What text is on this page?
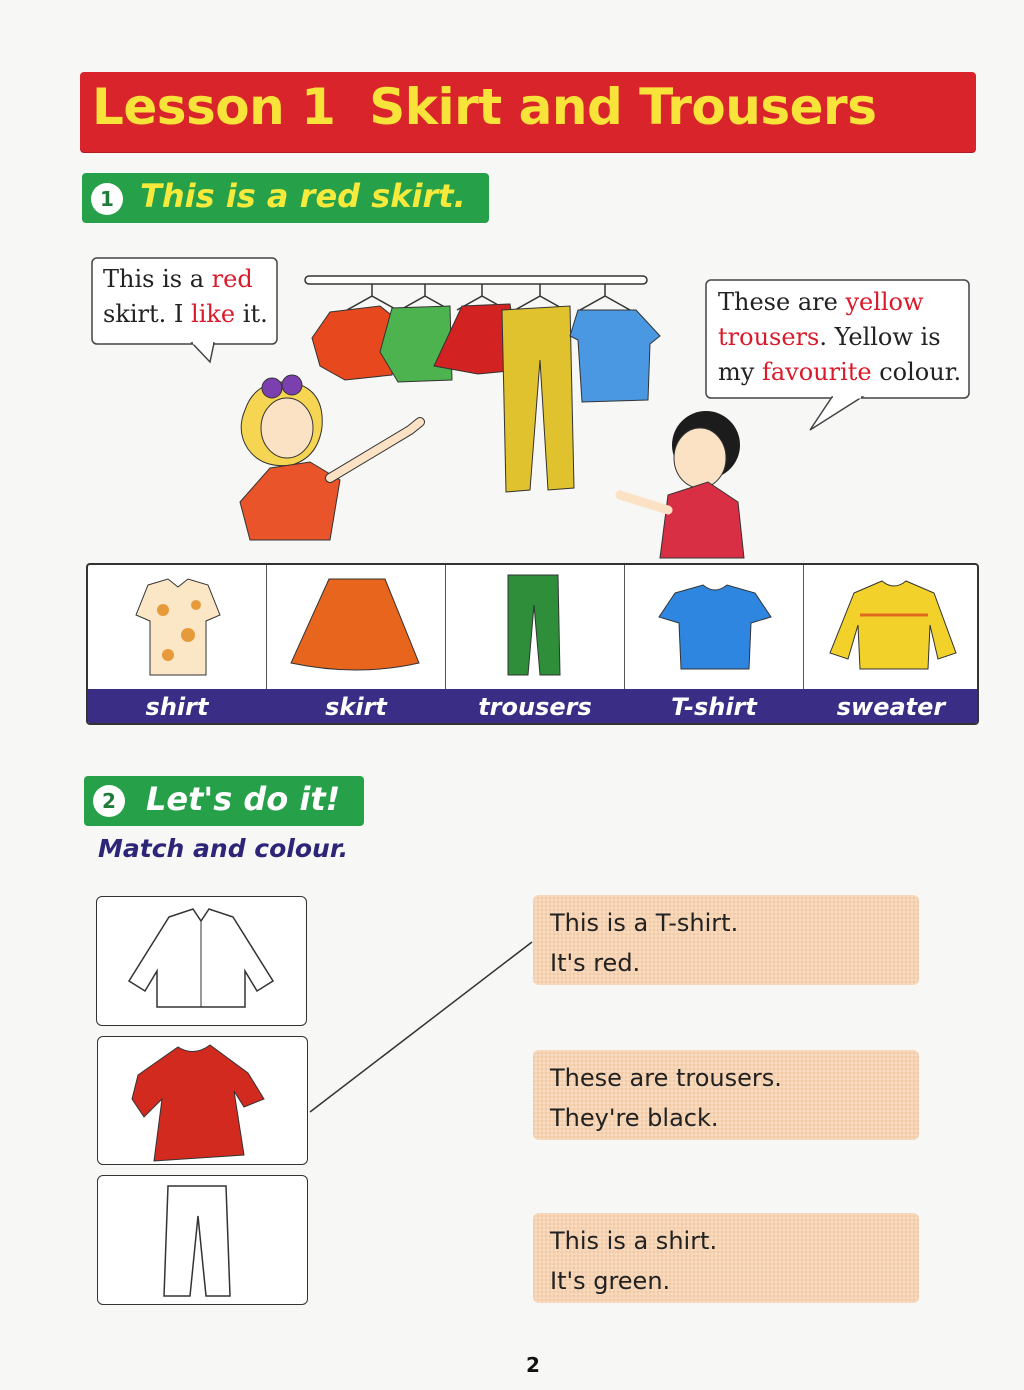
Lesson 1  Skirt and Trousers
1 This is a red skirt.
This is a red
skirt. I like it.	These are yellow
trousers. Yellow is
my favourite colour.
shirt	skirt	trousers	T-shirt	sweater
2 Let's do it!
Match and colour.
This is a T-shirt.
It's red.
These are trousers.
They're black.
This is a shirt.
It's green.
2
